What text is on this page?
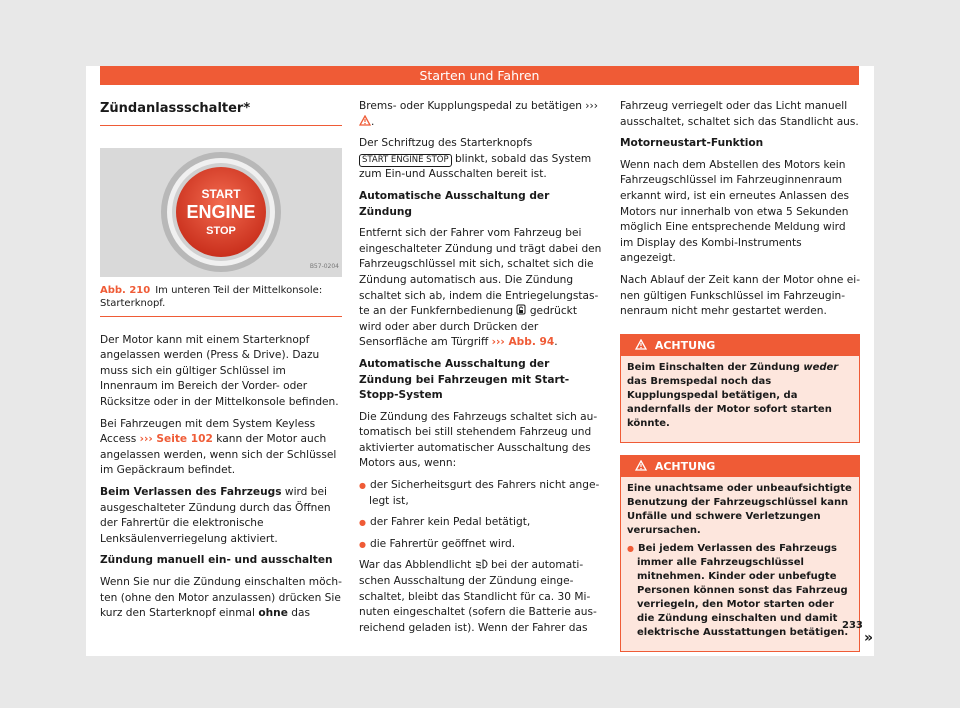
Starten und Fahren
Zündanlassschalter*
START
ENGINE
STOP
B57-0204
Abb. 210 Im unteren Teil der Mittelkonsole: Starterknopf.

Der Motor kann mit einem Starterknopf angelassen werden (Press & Drive). Dazu muss sich ein gültiger Schlüssel im Innenraum im Bereich der Vorder- oder Rücksitze oder in der Mittelkonsole befinden.

Bei Fahrzeugen mit dem System Keyless Access ››› Seite 102 kann der Motor auch angelassen werden, wenn sich der Schlüssel im Gepäckraum befindet.

Beim Verlassen des Fahrzeugs wird bei ausgeschalteter Zündung durch das Öffnen der Fahrertür die elektronische Lenksäulenverriegelung aktiviert.

Zündung manuell ein- und ausschalten

Wenn Sie nur die Zündung einschalten möchten (ohne den Motor anzulassen) drücken Sie kurz den Starterknopf einmal ohne das

Brems- oder Kupplungspedal zu betätigen ››› .

Der Schriftzug des Starterknopfs
START ENGINE STOP blinkt, sobald das System zum Ein-und Ausschalten bereit ist.

Automatische Ausschaltung der Zündung

Entfernt sich der Fahrer vom Fahrzeug bei eingeschalteter Zündung und trägt dabei den Fahrzeugschlüssel mit sich, schaltet sich die Zündung automatisch aus. Die Zündung schaltet sich ab, indem die Entriegelungstaste an der Funkfernbedienung  gedrückt wird oder aber durch Drücken der Sensorfläche am Türgriff ››› Abb. 94.

Automatische Ausschaltung der Zündung bei Fahrzeugen mit Start-Stopp-System

Die Zündung des Fahrzeugs schaltet sich automatisch bei still stehendem Fahrzeug und aktivierter automatischer Ausschaltung des Motors aus, wenn:

● der Sicherheitsgurt des Fahrers nicht angelegt ist,

● der Fahrer kein Pedal betätigt,

● die Fahrertür geöffnet wird.

War das Abblendlicht  bei der automatischen Ausschaltung der Zündung eingeschaltet, bleibt das Standlicht für ca. 30 Minuten eingeschaltet (sofern die Batterie ausreichend geladen ist). Wenn der Fahrer das

Fahrzeug verriegelt oder das Licht manuell ausschaltet, schaltet sich das Standlicht aus.

Motorneustart-Funktion

Wenn nach dem Abstellen des Motors kein Fahrzeugschlüssel im Fahrzeuginnenraum erkannt wird, ist ein erneutes Anlassen des Motors nur innerhalb von etwa 5 Sekunden möglich Eine entsprechende Meldung wird im Display des Kombi-Instruments angezeigt.

Nach Ablauf der Zeit kann der Motor ohne einen gültigen Funkschlüssel im Fahrzeuginnenraum nicht mehr gestartet werden.

ACHTUNG

Beim Einschalten der Zündung weder das Bremspedal noch das Kupplungspedal betätigen, da andernfalls der Motor sofort starten könnte.

ACHTUNG

Eine unachtsame oder unbeaufsichtigte Benutzung der Fahrzeugschlüssel kann Unfälle und schwere Verletzungen verursachen.

● Bei jedem Verlassen des Fahrzeugs immer alle Fahrzeugschlüssel mitnehmen. Kinder oder unbefugte Personen können sonst das Fahrzeug verriegeln, den Motor starten oder die Zündung einschalten und damit elektrische Ausstattungen betätigen.	»
233
